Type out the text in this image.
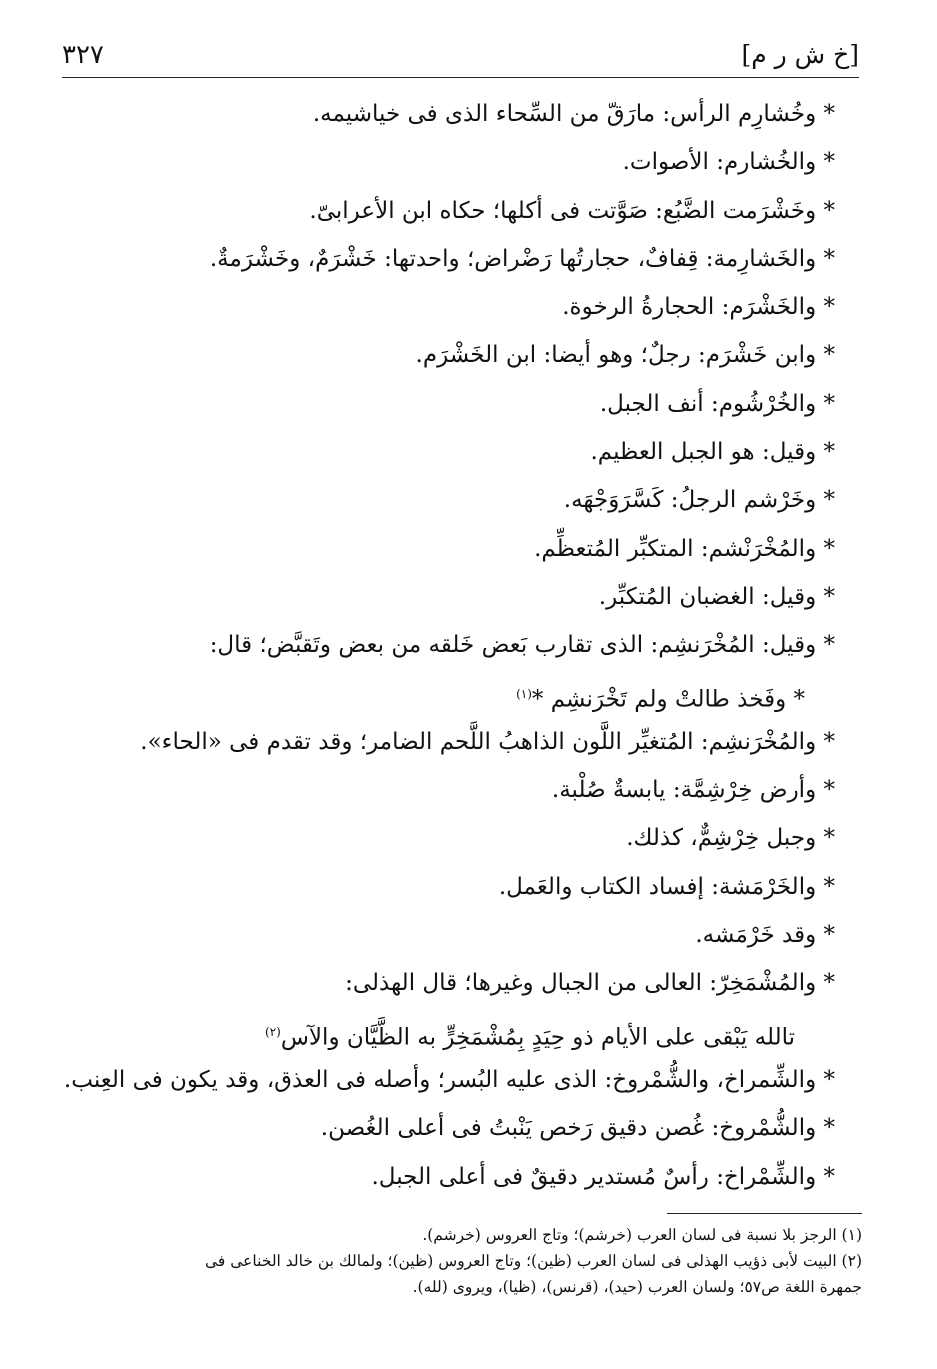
[خ ش ر م]
٣٢٧
* وخُشارِم الرأس: مارَقّ من السِّحاء الذى فى خياشيمه.
* والخُشارم: الأصوات.
* وخَشْرَمت الضَّبُع: صَوَّتت فى أكلها؛ حكاه ابن الأعرابىّ.
* والخَشارِمة: قِفافٌ، حجارتُها رَضْراض؛ واحدتها: خَشْرَمٌ، وخَشْرَمةٌ.
* والخَشْرَم: الحجارةُ الرخوة.
* وابن خَشْرَم: رجلٌ؛ وهو أيضا: ابن الخَشْرَم.
* والخُرْشُوم: أنف الجبل.
* وقيل: هو الجبل العظيم.
* وخَرْشم الرجلُ: كَسَّرَوَجْهَه.
* والمُخْرَنْشم: المتكبِّر المُتعظِّم.
* وقيل: الغضبان المُتكبِّر.
* وقيل: المُخْرَنشِم: الذى تقارب بَعض خَلقه من بعض وتَقبَّض؛ قال:
* وفَخذ طالتْ ولم تَخْرَنشِم *$^{(١)}$
* والمُخْرَنشِم: المُتغيِّر اللَّون الذاهبُ اللَّحم الضامر؛ وقد تقدم فى «الحاء».
* وأرض خِرْشِمَّة: يابسةٌ صُلْبة.
* وجبل خِرْشِمٌّ، كذلك.
* والخَرْمَشة: إفساد الكتاب والعَمل.
* وقد خَرْمَشه.
* والمُشْمَخِرّ: العالى من الجبال وغيرها؛ قال الهذلى:
تالله يَبْقى على الأيام ذو حِيَدٍ بِمُشْمَخِرٍّ به الظَّيَّان والآس$^{(٢)}$
* والشِّمراخ، والشُّمْروخ: الذى عليه البُسر؛ وأصله فى العذق، وقد يكون فى العِنب.
* والشُّمْروخ: غُصن دقيق رَخص يَنْبتُ فى أعلى الغُصن.
* والشِّمْراخ: رأسٌ مُستدير دقيقٌ فى أعلى الجبل.
(١) الرجز بلا نسبة فى لسان العرب (خرشم)؛ وتاج العروس (خرشم).
(٢) البيت لأبى ذؤيب الهذلى فى لسان العرب (ظين)؛ وتاج العروس (ظين)؛ ولمالك بن خالد الخناعى فى
جمهرة اللغة ص٥٧؛ ولسان العرب (حيد)، (قرنس)، (ظيا)، ويروى (لله).
